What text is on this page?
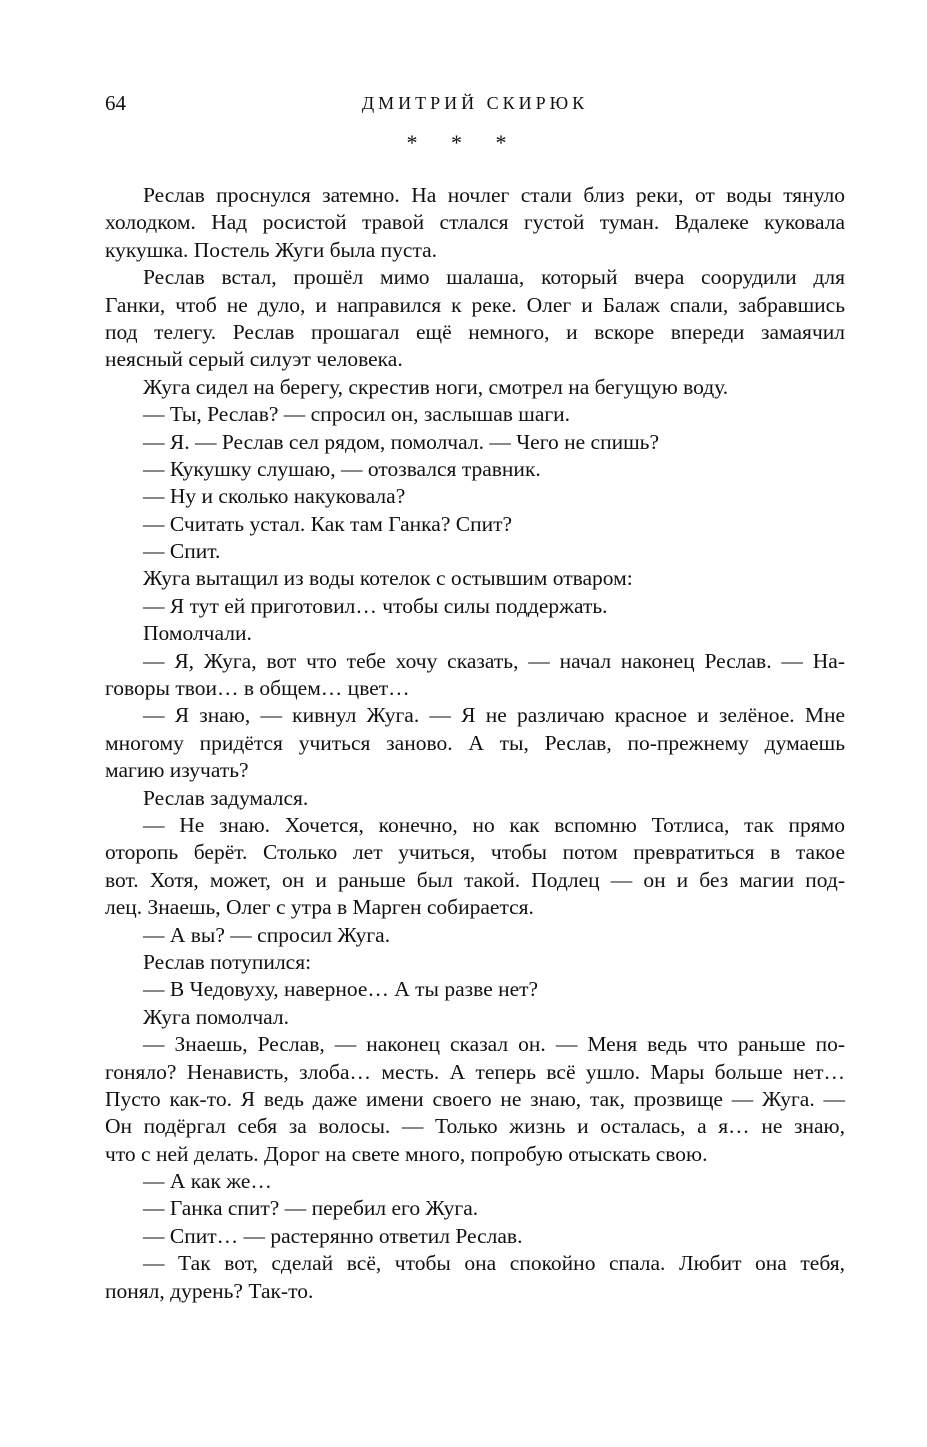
64	ДМИТРИЙ СКИРЮК
* * *
Реслав проснулся затемно. На ночлег стали близ реки, от воды тянуло
холодком. Над росистой травой стлался густой туман. Вдалеке куковала
кукушка. Постель Жуги была пуста.
Реслав встал, прошёл мимо шалаша, который вчера соорудили для
Ганки, чтоб не дуло, и направился к реке. Олег и Балаж спали, забравшись
под телегу. Реслав прошагал ещё немного, и вскоре впереди замаячил
неясный серый силуэт человека.
Жуга сидел на берегу, скрестив ноги, смотрел на бегущую воду.
— Ты, Реслав? — спросил он, заслышав шаги.
— Я. — Реслав сел рядом, помолчал. — Чего не спишь?
— Кукушку слушаю, — отозвался травник.
— Ну и сколько накуковала?
— Считать устал. Как там Ганка? Спит?
— Спит.
Жуга вытащил из воды котелок с остывшим отваром:
— Я тут ей приготовил… чтобы силы поддержать.
Помолчали.
— Я, Жуга, вот что тебе хочу сказать, — начал наконец Реслав. — На-
говоры твои… в общем… цвет…
— Я знаю, — кивнул Жуга. — Я не различаю красное и зелёное. Мне
многому придётся учиться заново. А ты, Реслав, по-прежнему думаешь
магию изучать?
Реслав задумался.
— Не знаю. Хочется, конечно, но как вспомню Тотлиса, так прямо
оторопь берёт. Столько лет учиться, чтобы потом превратиться в такое
вот. Хотя, может, он и раньше был такой. Подлец — он и без магии под-
лец. Знаешь, Олег с утра в Марген собирается.
— А вы? — спросил Жуга.
Реслав потупился:
— В Чедовуху, наверное… А ты разве нет?
Жуга помолчал.
— Знаешь, Реслав, — наконец сказал он. — Меня ведь что раньше по-
гоняло? Ненависть, злоба… месть. А теперь всё ушло. Мары больше нет…
Пусто как-то. Я ведь даже имени своего не знаю, так, прозвище — Жуга. —
Он подёргал себя за волосы. — Только жизнь и осталась, а я… не знаю,
что с ней делать. Дорог на свете много, попробую отыскать свою.
— А как же…
— Ганка спит? — перебил его Жуга.
— Спит… — растерянно ответил Реслав.
— Так вот, сделай всё, чтобы она спокойно спала. Любит она тебя,
понял, дурень? Так-то.
